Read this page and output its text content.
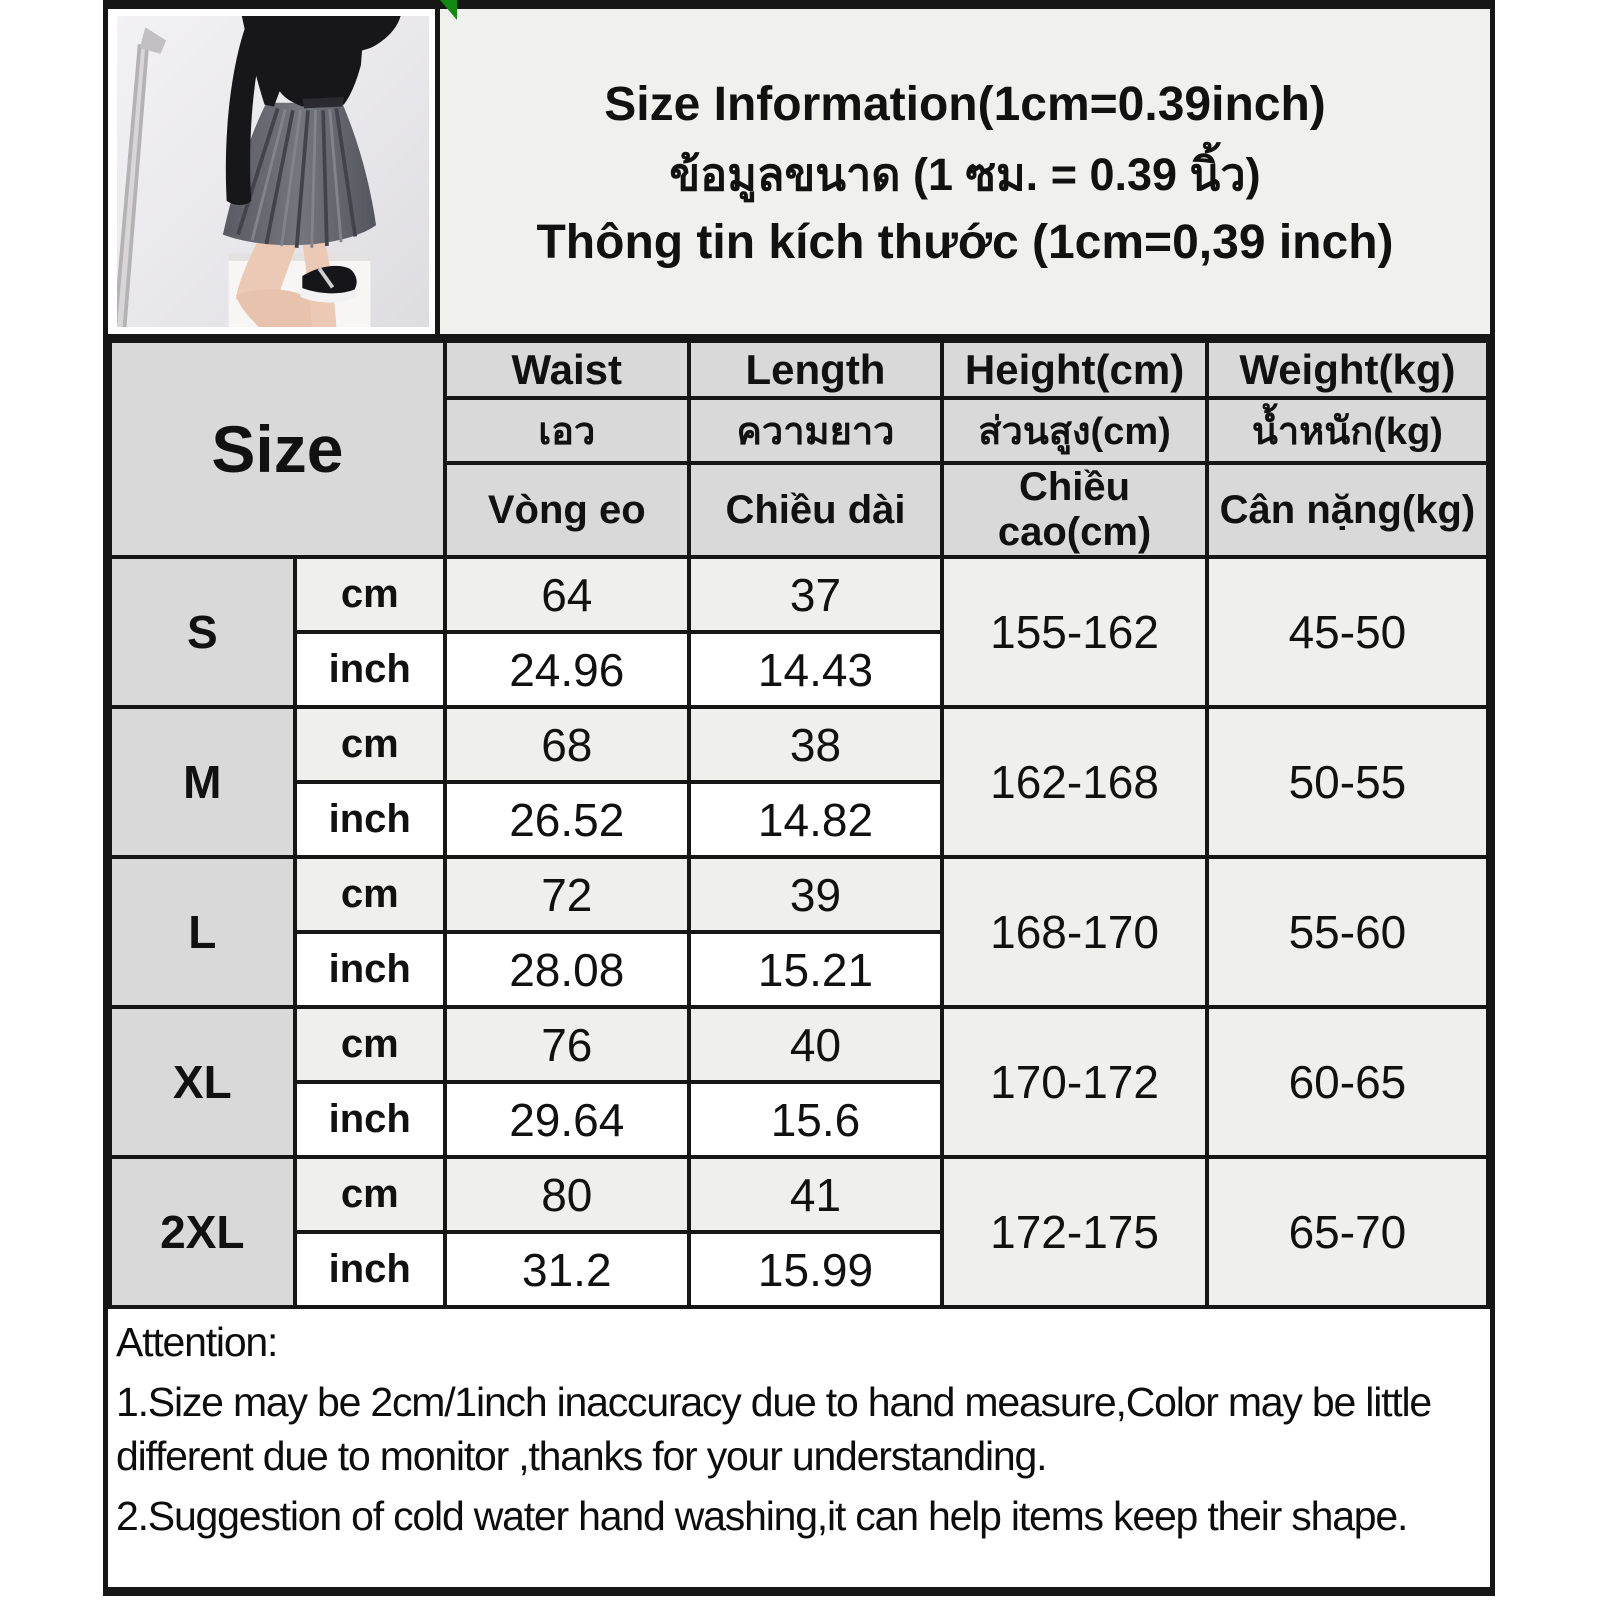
Size Information(1cm=0.39inch)
ข้อมูลขนาด (1 ซม. = 0.39 นิ้ว)
Thông tin kích thước (1cm=0,39 inch)
Size		Waist	Length	Height(cm)	Weight(kg)
		เอว	ความยาว	ส่วนสูง(cm)	น้ำหนัก(kg)
		Vòng eo	Chiều dài	Chiều cao(cm)	Cân nặng(kg)
S	cm	64	37	155-162	45-50
	inch	24.96	14.43		
M	cm	68	38	162-168	50-55
	inch	26.52	14.82		
L	cm	72	39	168-170	55-60
	inch	28.08	15.21		
XL	cm	76	40	170-172	60-65
	inch	29.64	15.6		
2XL	cm	80	41	172-175	65-70
	inch	31.2	15.99		
Attention:
1.Size may be 2cm/1inch inaccuracy due to hand measure,Color may be little different due to monitor ,thanks for your understanding.
2.Suggestion of cold water hand washing,it can help items keep their shape.
